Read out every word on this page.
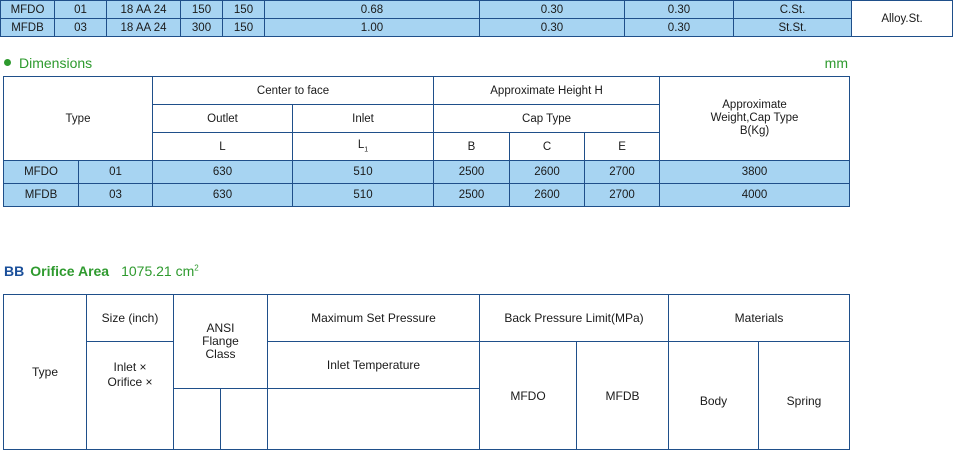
MFDO	01	18 AA 24	150	150	0.68	0.30	0.30	C.St.	Alloy.St.
MFDB	03	18 AA 24	300	150	1.00	0.30	0.30	St.St.	
Dimensions	mm
Type		Center to face		Approximate Height H			Approximate Weight,Cap Type B(Kg)

		Outlet	Inlet	Cap Type			
		L	$L_1$	B	C	E	
MFDO	01	630	510	2500	2600	2700	3800
MFDB	03	630	510	2500	2600	2700	4000
BB Orifice Area 1075.21 $cm^2$
Type	Size (inch)	ANSI Flange Class		Maximum Set Pressure	Back Pressure Limit(MPa)		Materials	

	Inlet × Orifice ×			Inlet Temperature	MFDO	MFDB	Body	Spring
